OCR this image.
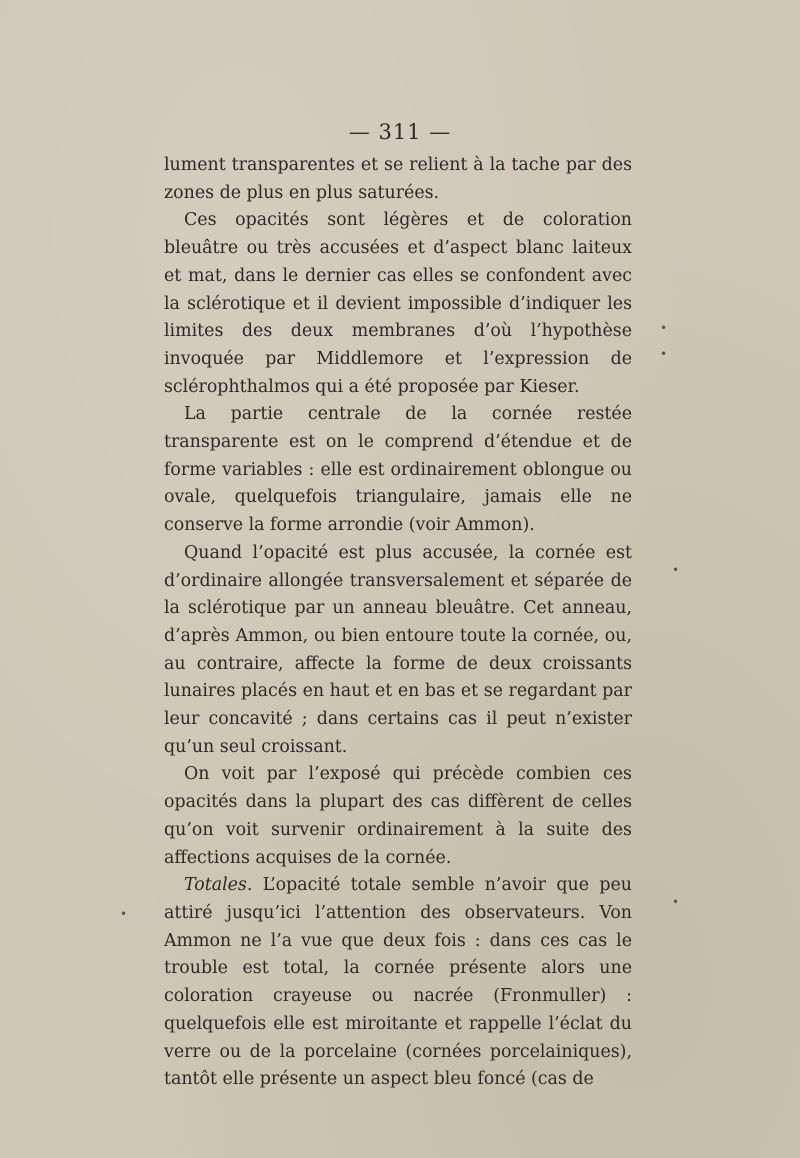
— 311 —

lument transparentes et se relient à la tache par des zones de plus en plus saturées.

Ces opacités sont légères et de coloration bleuâtre ou très accusées et d’aspect blanc laiteux et mat, dans le dernier cas elles se confondent avec la sclérotique et il devient impossible d’indiquer les limites des deux membranes d’où l’hypothèse invoquée par Middlemore et l’expression de sclérophthalmos qui a été proposée par Kieser.

La partie centrale de la cornée restée transparente est on le comprend d’étendue et de forme variables : elle est ordinairement oblongue ou ovale, quelquefois triangulaire, jamais elle ne conserve la forme arrondie (voir Ammon).

Quand l’opacité est plus accusée, la cornée est d’ordinaire allongée transversalement et séparée de la sclérotique par un anneau bleuâtre. Cet anneau, d’après Ammon, ou bien entoure toute la cornée, ou, au contraire, affecte la forme de deux croissants lunaires placés en haut et en bas et se regardant par leur concavité ; dans certains cas il peut n’exister qu’un seul croissant.

On voit par l’exposé qui précède combien ces opacités dans la plupart des cas diffèrent de celles qu’on voit survenir ordinairement à la suite des affections acquises de la cornée.

Totales. L’opacité totale semble n’avoir que peu attiré jusqu’ici l’attention des observateurs. Von Ammon ne l’a vue que deux fois : dans ces cas le trouble est total, la cornée présente alors une coloration crayeuse ou nacrée (Fronmuller) : quelquefois elle est miroitante et rappelle l’éclat du verre ou de la porcelaine (cornées porcelainiques), tantôt elle présente un aspect bleu foncé (cas de

•
•
•
•
•
